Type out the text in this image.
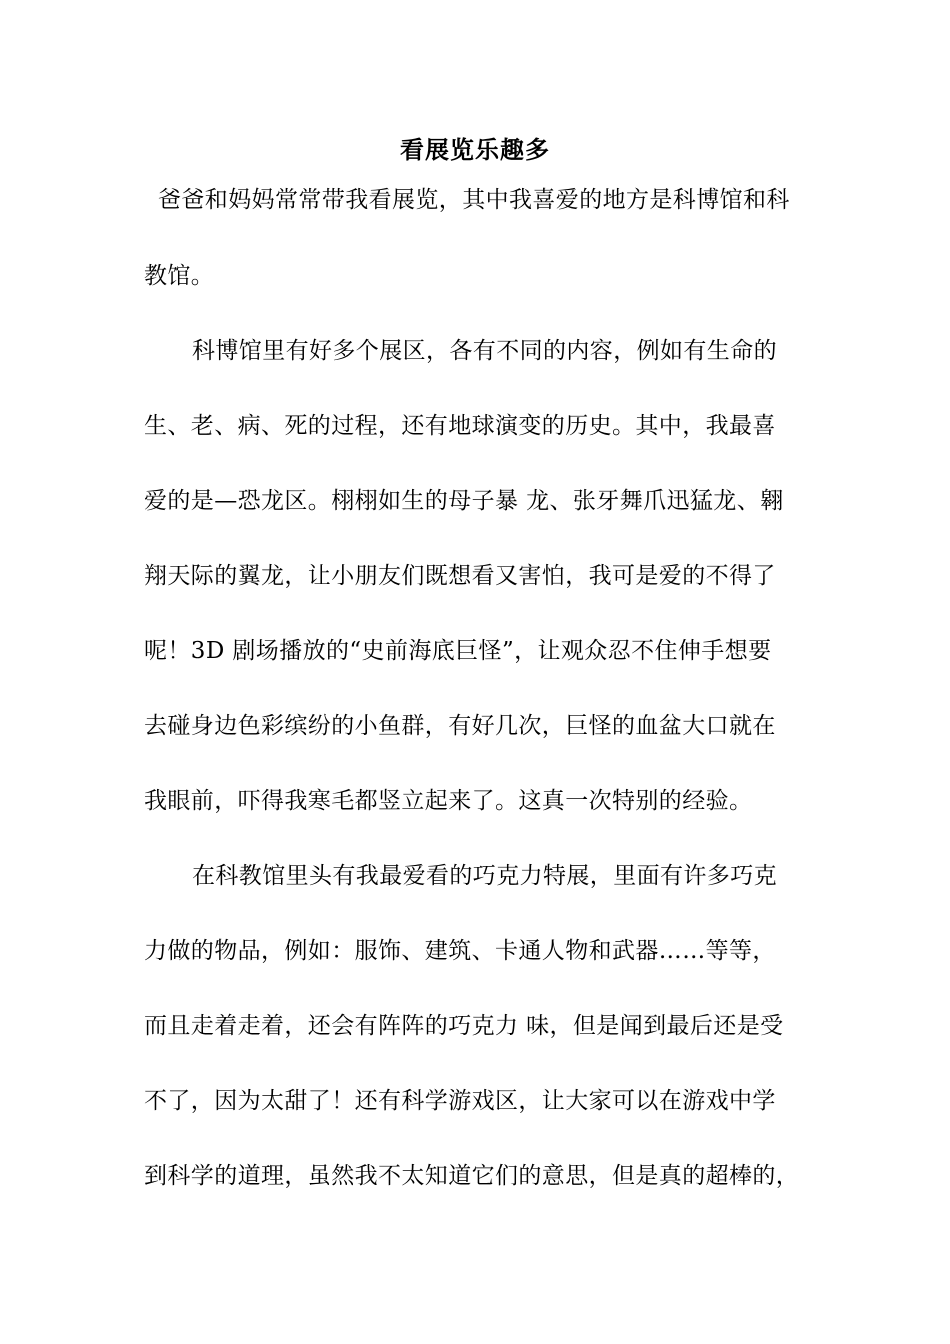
看展览乐趣多
爸爸和妈妈常常带我看展览，其中我喜爱的地方是科博馆和科
教馆。
科博馆里有好多个展区，各有不同的内容，例如有生命的
生、老、病、死的过程，还有地球演变的历史。其中，我最喜
爱的是—恐龙区。栩栩如生的母子暴 龙、张牙舞爪迅猛龙、翱
翔天际的翼龙，让小朋友们既想看又害怕，我可是爱的不得了
呢！3D 剧场播放的“史前海底巨怪”，让观众忍不住伸手想要
去碰身边色彩缤纷的小鱼群，有好几次，巨怪的血盆大口就在
我眼前，吓得我寒毛都竖立起来了。这真一次特别的经验。
在科教馆里头有我最爱看的巧克力特展，里面有许多巧克
力做的物品，例如：服饰、建筑、卡通人物和武器……等等，
而且走着走着，还会有阵阵的巧克力 味，但是闻到最后还是受
不了，因为太甜了！还有科学游戏区，让大家可以在游戏中学
到科学的道理，虽然我不太知道它们的意思，但是真的超棒的，
